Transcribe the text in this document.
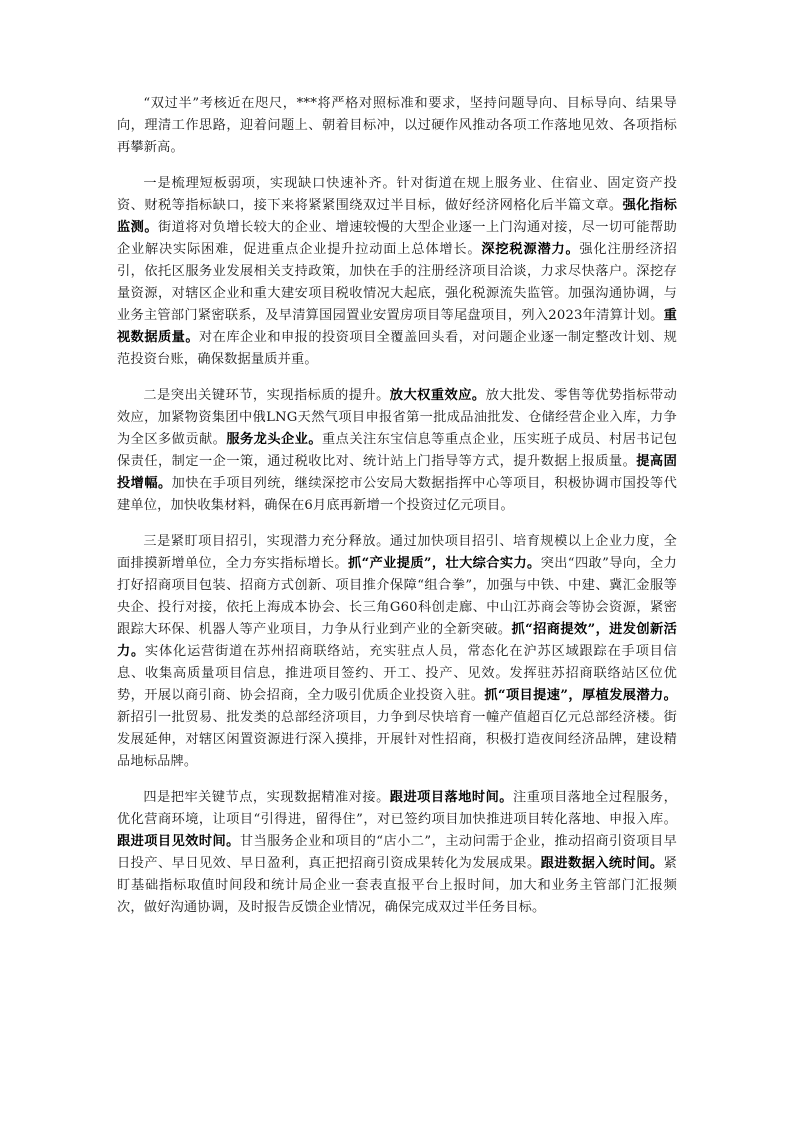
“双过半”考核近在咫尺，***将严格对照标准和要求，坚持问题导向、目标导向、结果导向，理清工作思路，迎着问题上、朝着目标冲，以过硬作风推动各项工作落地见效、各项指标再攀新高。

一是梳理短板弱项，实现缺口快速补齐。针对街道在规上服务业、住宿业、固定资产投资、财税等指标缺口，接下来将紧紧围绕双过半目标，做好经济网格化后半篇文章。强化指标监测。街道将对负增长较大的企业、增速较慢的大型企业逐一上门沟通对接，尽一切可能帮助企业解决实际困难，促进重点企业提升拉动面上总体增长。深挖税源潜力。强化注册经济招引，依托区服务业发展相关支持政策，加快在手的注册经济项目洽谈，力求尽快落户。深挖存量资源，对辖区企业和重大建安项目税收情况大起底，强化税源流失监管。加强沟通协调，与业务主管部门紧密联系，及早清算国园置业安置房项目等尾盘项目，列入2023年清算计划。重视数据质量。对在库企业和申报的投资项目全覆盖回头看，对问题企业逐一制定整改计划、规范投资台账，确保数据量质并重。

二是突出关键环节，实现指标质的提升。放大权重效应。放大批发、零售等优势指标带动效应，加紧物资集团中俄LNG天然气项目申报省第一批成品油批发、仓储经营企业入库，力争为全区多做贡献。服务龙头企业。重点关注东宝信息等重点企业，压实班子成员、村居书记包保责任，制定一企一策，通过税收比对、统计站上门指导等方式，提升数据上报质量。提高固投增幅。加快在手项目列统，继续深挖市公安局大数据指挥中心等项目，积极协调市国投等代建单位，加快收集材料，确保在6月底再新增一个投资过亿元项目。

三是紧盯项目招引，实现潜力充分释放。通过加快项目招引、培育规模以上企业力度，全面排摸新增单位，全力夯实指标增长。抓“产业提质”，壮大综合实力。突出“四敢”导向，全力打好招商项目包装、招商方式创新、项目推介保障“组合拳”，加强与中铁、中建、冀汇金服等央企、投行对接，依托上海成本协会、长三角G60科创走廊、中山江苏商会等协会资源，紧密跟踪大环保、机器人等产业项目，力争从行业到产业的全新突破。抓“招商提效”，进发创新活力。实体化运营街道在苏州招商联络站，充实驻点人员，常态化在沪苏区域跟踪在手项目信息、收集高质量项目信息，推进项目签约、开工、投产、见效。发挥驻苏招商联络站区位优势，开展以商引商、协会招商，全力吸引优质企业投资入驻。抓“项目提速”，厚植发展潜力。新招引一批贸易、批发类的总部经济项目，力争到尽快培育一幢产值超百亿元总部经济楼。街发展延伸，对辖区闲置资源进行深入摸排，开展针对性招商，积极打造夜间经济品牌，建设精品地标品牌。

四是把牢关键节点，实现数据精准对接。跟进项目落地时间。注重项目落地全过程服务，优化营商环境，让项目“引得进，留得住”，对已签约项目加快推进项目转化落地、申报入库。跟进项目见效时间。甘当服务企业和项目的“店小二”，主动问需于企业，推动招商引资项目早日投产、早日见效、早日盈利，真正把招商引资成果转化为发展成果。跟进数据入统时间。紧盯基础指标取值时间段和统计局企业一套表直报平台上报时间，加大和业务主管部门汇报频次，做好沟通协调，及时报告反馈企业情况，确保完成双过半任务目标。
